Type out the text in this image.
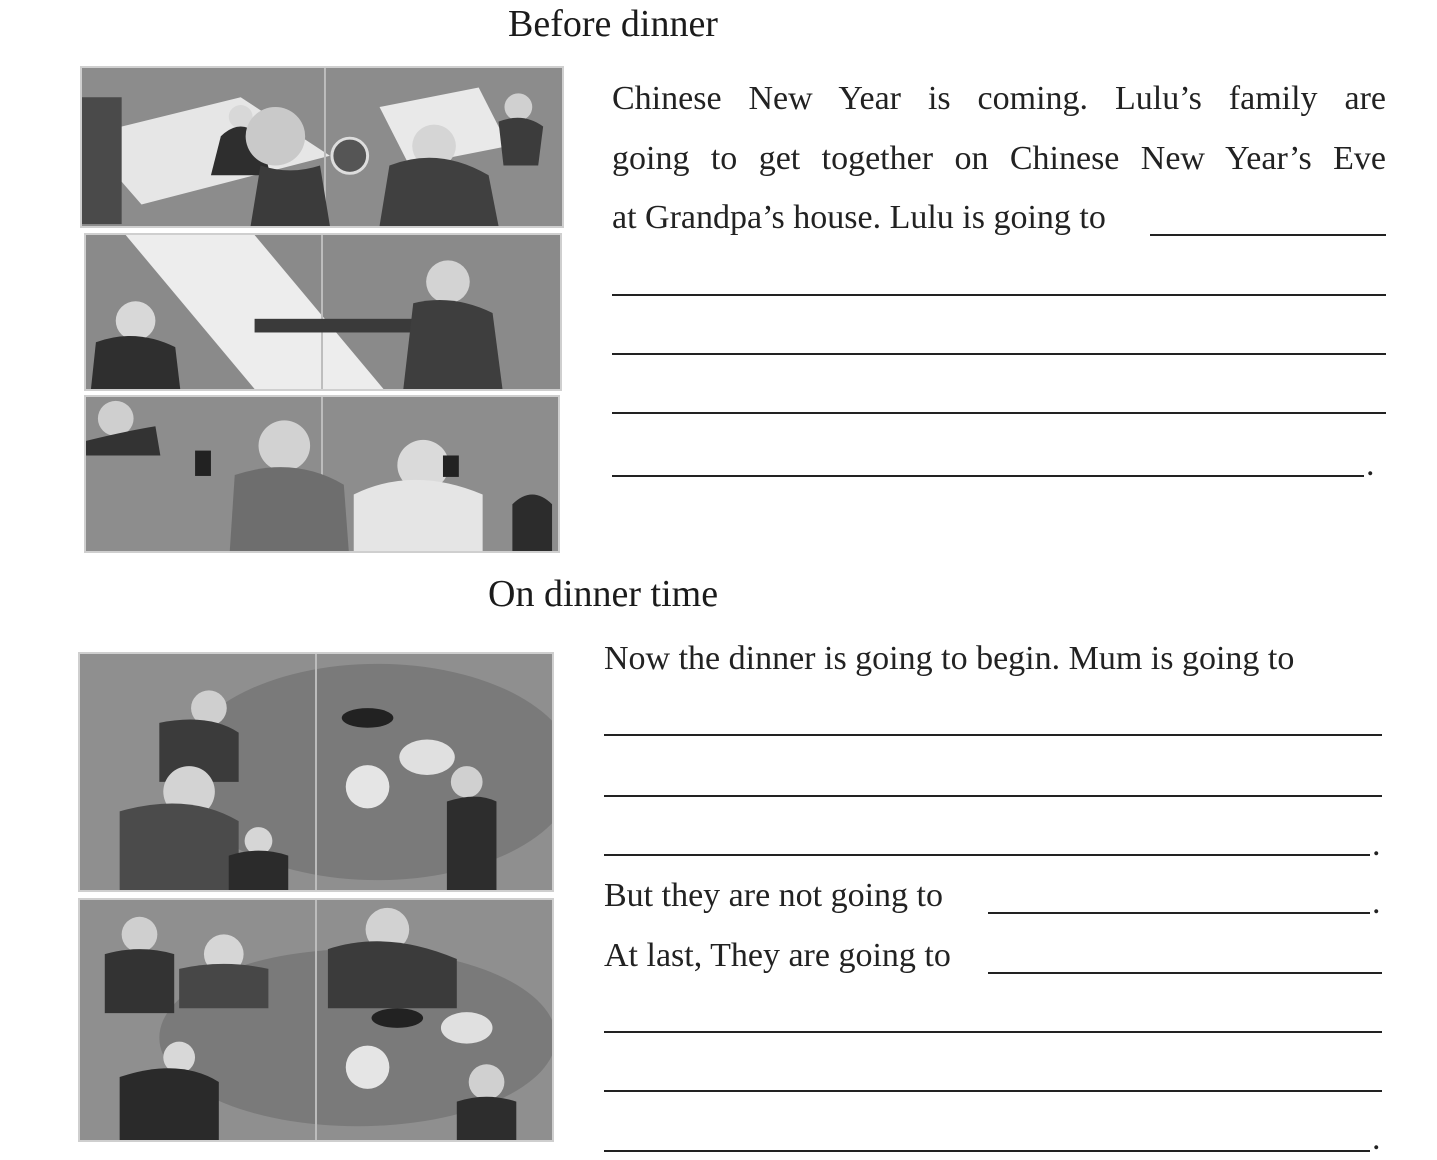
Before dinner
Chinese New Year is coming. Lulu’s family are
going to get together on Chinese New Year’s Eve
at Grandpa’s house. Lulu is going to
.
On dinner time
Now the dinner is going to begin. Mum is going to
.
But they are not going to	.
At last, They are going to
.
